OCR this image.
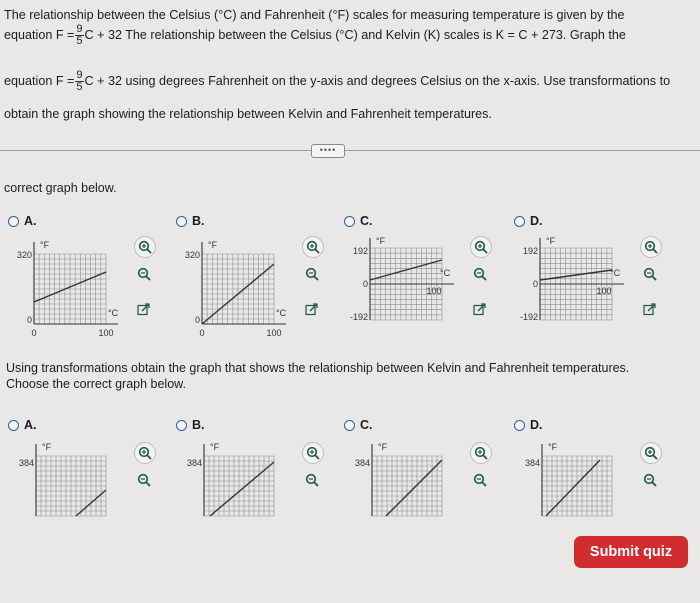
The relationship between the Celsius (°C) and Fahrenheit (°F) scales for measuring temperature is given by the
equation $F = \frac{9}{5}$ C + 32 The relationship between the Celsius (°C) and Kelvin (K) scales is K = C + 273. Graph the
equation $F = \frac{9}{5}$ C + 32 using degrees Fahrenheit on the y-axis and degrees Celsius on the x-axis. Use transformations to
obtain the graph showing the relationship between Kelvin and Fahrenheit temperatures.
••••
correct graph below.
A.
320
°F
0
0	100
°C
B.
320
°F
0
0	100
°C
C.
192
°F
0
-192
100
°C
D.
192
°F
0
-192
100
°C
Using transformations obtain the graph that shows the relationship between Kelvin and Fahrenheit temperatures.
Choose the correct graph below.
A.
384
°F
B.
384
°F
C.
384
°F
D.
384
°F
Submit quiz
